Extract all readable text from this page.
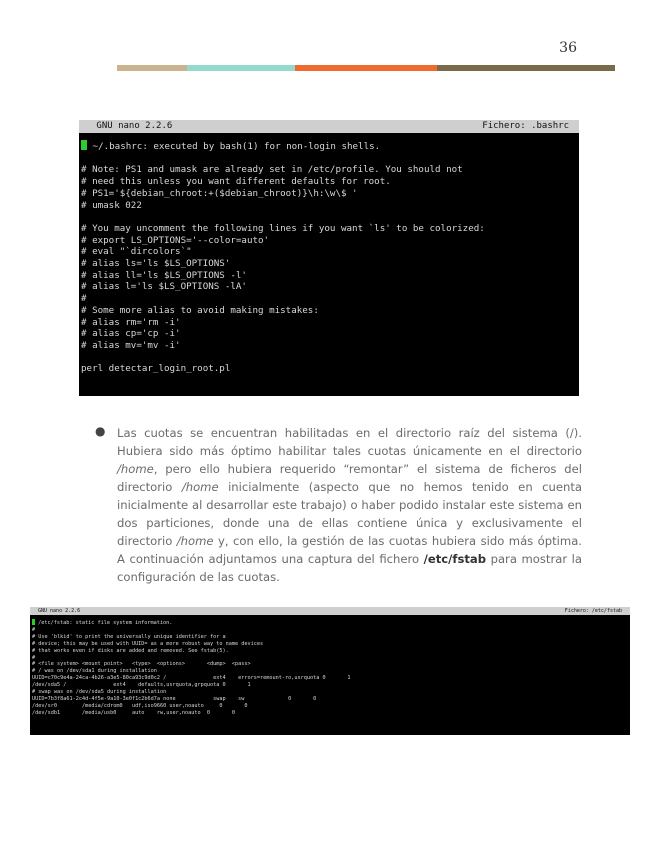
36
GNU nano 2.2.6	Fichero: .bashrc
~/.bashrc: executed by bash(1) for non-login shells.

# Note: PS1 and umask are already set in /etc/profile. You should not
# need this unless you want different defaults for root.
# PS1='${debian_chroot:+($debian_chroot)}\h:\w\$ '
# umask 022

# You may uncomment the following lines if you want `ls' to be colorized:
# export LS_OPTIONS='--color=auto'
# eval "`dircolors`"
# alias ls='ls $LS_OPTIONS'
# alias ll='ls $LS_OPTIONS -l'
# alias l='ls $LS_OPTIONS -lA'
#
# Some more alias to avoid making mistakes:
# alias rm='rm -i'
# alias cp='cp -i'
# alias mv='mv -i'

perl detectar_login_root.pl
● Las cuotas se encuentran habilitadas en el directorio raíz del sistema (/). Hubiera sido más óptimo habilitar tales cuotas únicamente en el directorio /home, pero ello hubiera requerido “remontar” el sistema de ficheros del directorio /home inicialmente (aspecto que no hemos tenido en cuenta inicialmente al desarrollar este trabajo) o haber podido instalar este sistema en dos particiones, donde una de ellas contiene única y exclusivamente el directorio /home y, con ello, la gestión de las cuotas hubiera sido más óptima. A continuación adjuntamos una captura del fichero /etc/fstab para mostrar la configuración de las cuotas.

GNU nano 2.2.6	Fichero: /etc/fstab
/etc/fstab: static file system information.
#
# Use 'blkid' to print the universally unique identifier for a
# device; this may be used with UUID= as a more robust way to name devices
# that works even if disks are added and removed. See fstab(5).
#
# <file system> <mount point>   <type>  <options>       <dump>  <pass>
# / was on /dev/sda1 during installation
UUID=c70c9e4a-24ca-4b26-a3e5-80ca93c9d0c2 /               ext4    errors=remount-ro,usrquota 0       1
/dev/sda5 /               ext4    defaults,usrquota,grpquota 0       1
# swap was on /dev/sda5 during installation
UUID=7b3f8a61-2c4d-4f5e-9a10-3e0f1c2b6d7a none            swap    sw              0       0
/dev/sr0        /media/cdrom0   udf,iso9660 user,noauto     0       0
/dev/sdb1       /media/usb0     auto    rw,user,noauto  0       0
